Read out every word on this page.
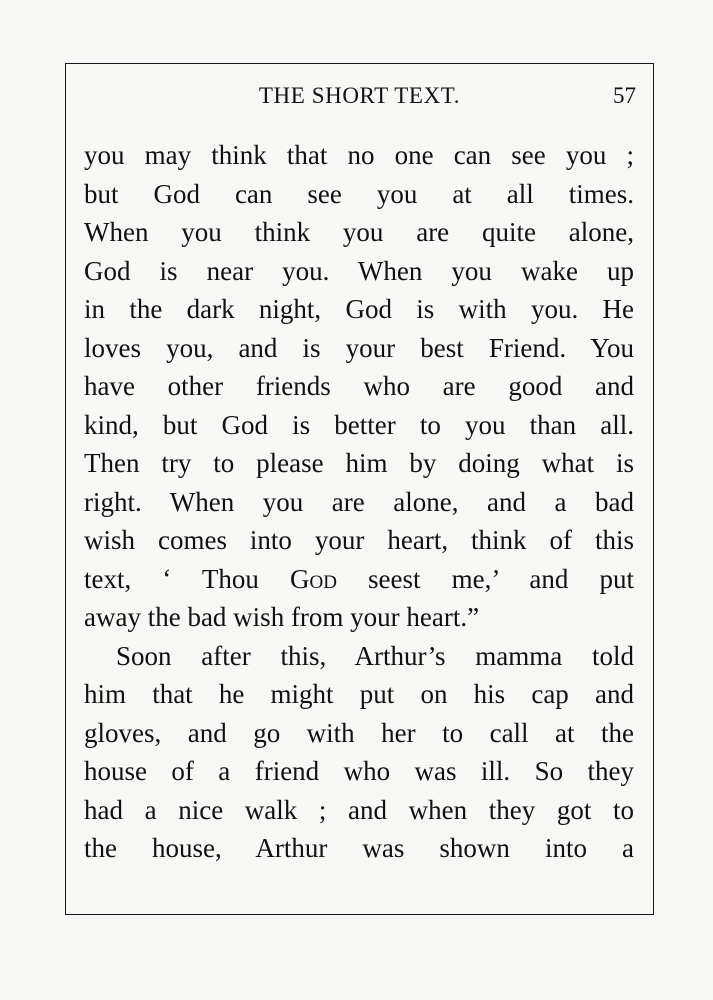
THE SHORT TEXT.	57
you may think that no one can see you ;
but God can see you at all times.
When you think you are quite alone,
God is near you. When you wake up
in the dark night, God is with you. He
loves you, and is your best Friend. You
have other friends who are good and
kind, but God is better to you than all.
Then try to please him by doing what is
right. When you are alone, and a bad
wish comes into your heart, think of this
text, ‘ Thou God seest me,’ and put
away the bad wish from your heart.”
Soon after this, Arthur’s mamma told
him that he might put on his cap and
gloves, and go with her to call at the
house of a friend who was ill. So they
had a nice walk ; and when they got to
the house, Arthur was shown into a
